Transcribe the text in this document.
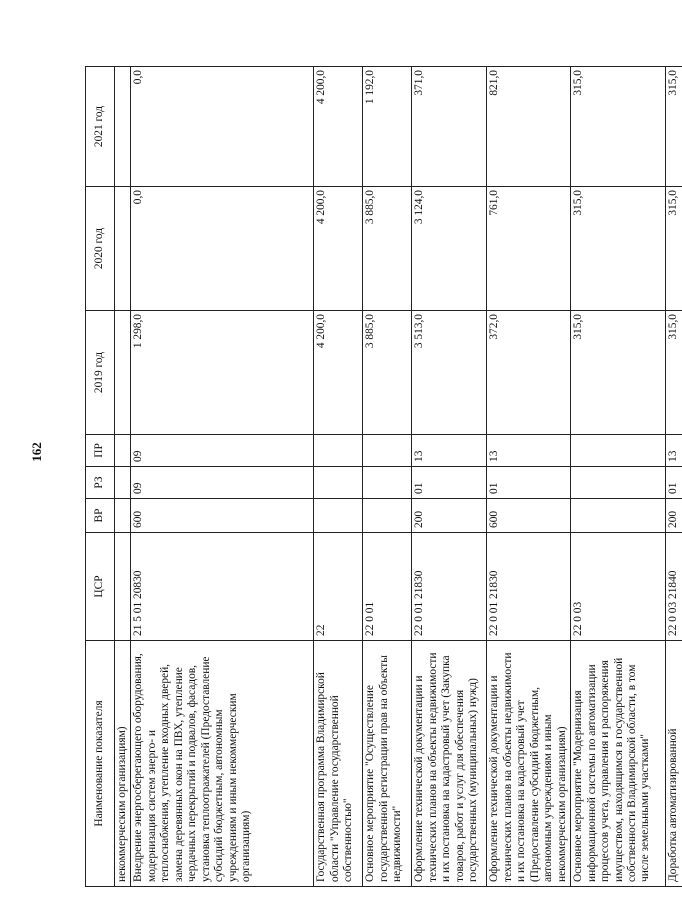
162
Наименование показателя	ЦСР	ВР	РЗ	ПР	2019 год	2020 год	2021 год
некоммерческим организациям)							
Внедрение энергосберегающего оборудования, модернизация систем энерго- и теплоснабжения, утепление входных дверей, замена деревянных окон на ПВХ, утепление чердачных перекрытий и подвалов, фасадов, установка теплоотражателей (Предоставление субсидий бюджетным, автономным учреждениям и иным некоммерческим организациям)	21 5 01 20830	600	09	09	1 298,0	0,0	0,0
Государственная программа Владимирской области "Управление государственной собственностью"	22				4 200,0	4 200,0	4 200,0
Основное мероприятие "Осуществление государственной регистрации прав на объекты недвижимости"	22 0 01				3 885,0	3 885,0	1 192,0
Оформление технической документации и технических планов на объекты недвижимости и их постановка на кадастровый учет (Закупка товаров, работ и услуг для обеспечения государственных (муниципальных) нужд)	22 0 01 21830	200	01	13	3 513,0	3 124,0	371,0
Оформление технической документации и технических планов на объекты недвижимости и их постановка на кадастровый учет (Предоставление субсидий бюджетным, автономным учреждениям и иным некоммерческим организациям)	22 0 01 21830	600	01	13	372,0	761,0	821,0
Основное мероприятие "Модернизация информационной системы по автоматизации процессов учета, управления и распоряжения имуществом, находящимся в государственной собственности Владимирской области, в том числе земельными участками"	22 0 03				315,0	315,0	315,0
Доработка автоматизированной	22 0 03 21840	200	01	13	315,0	315,0	315,0
